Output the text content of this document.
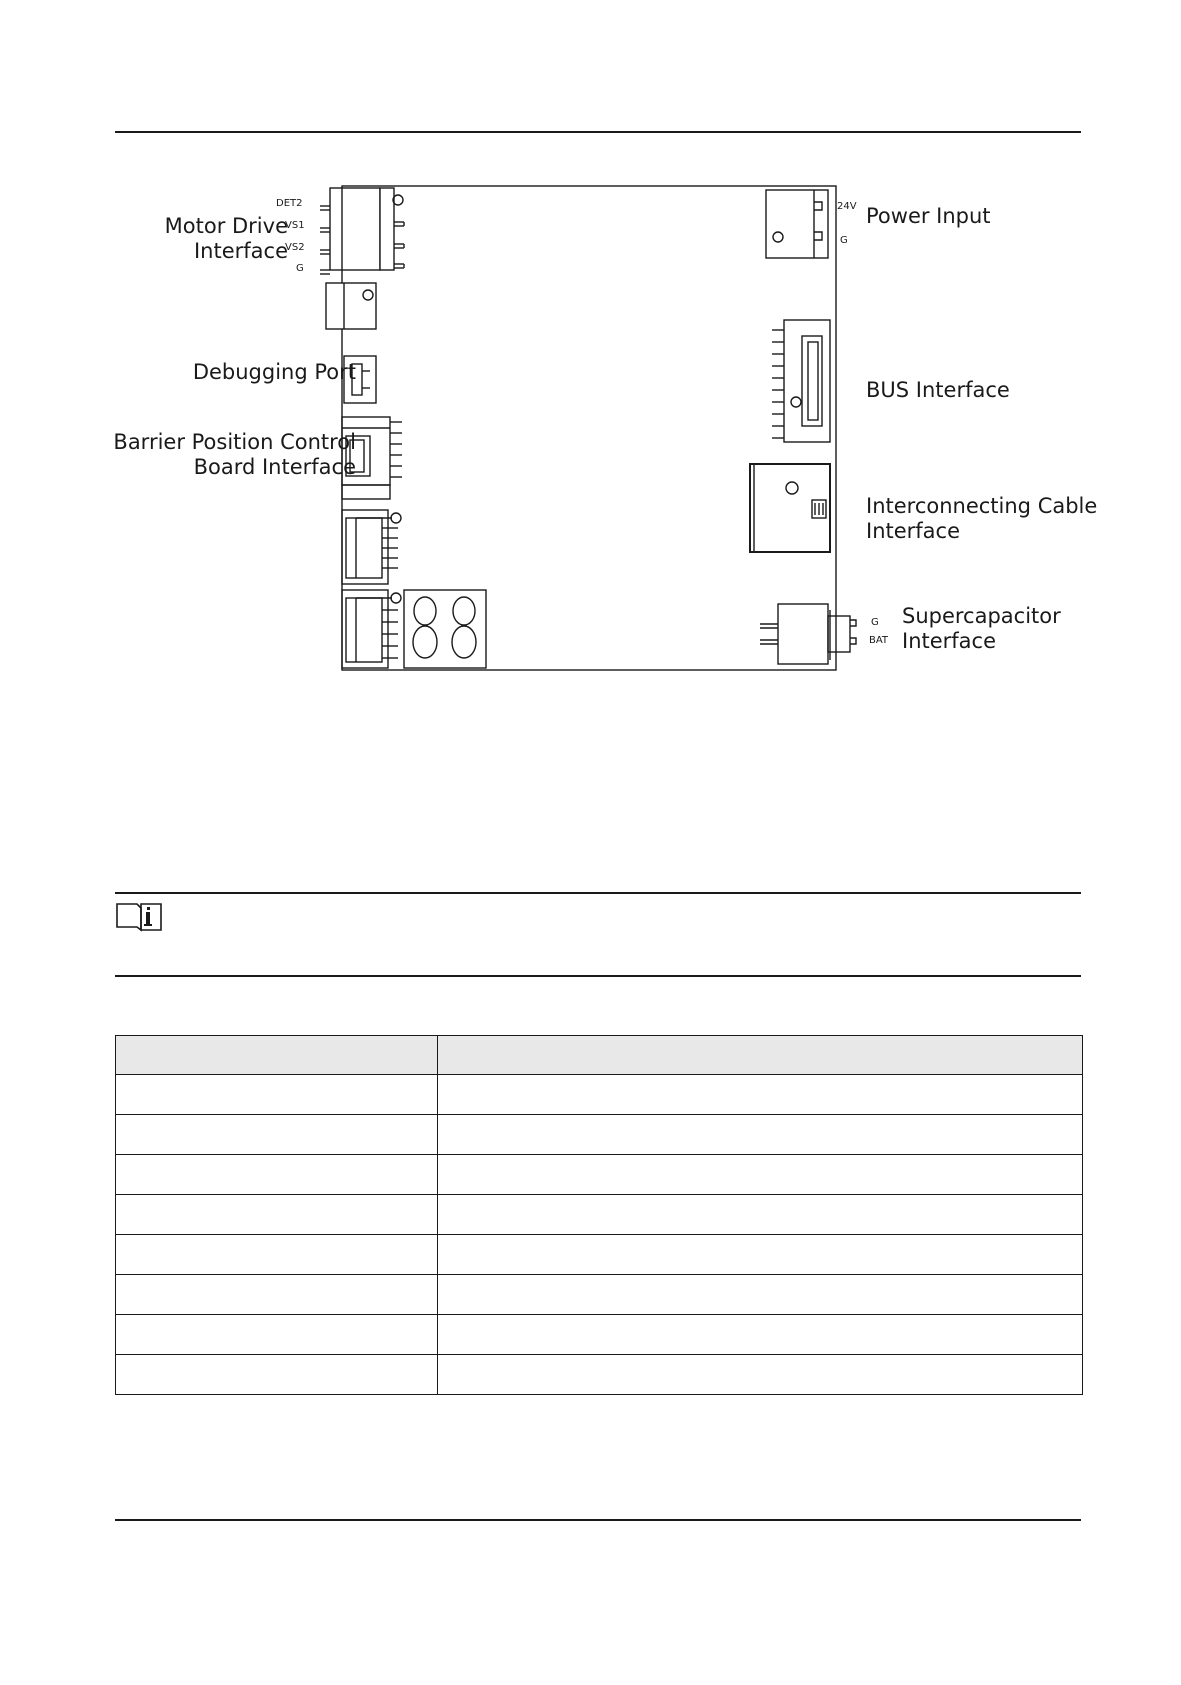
Motor Drive
Interface
Debugging Port
Barrier Position Control
Board Interface
Power Input
BUS Interface
Interconnecting Cable
Interface
Supercapacitor
Interface
DET2
VS1
VS2
G
24V
G
G
BAT
